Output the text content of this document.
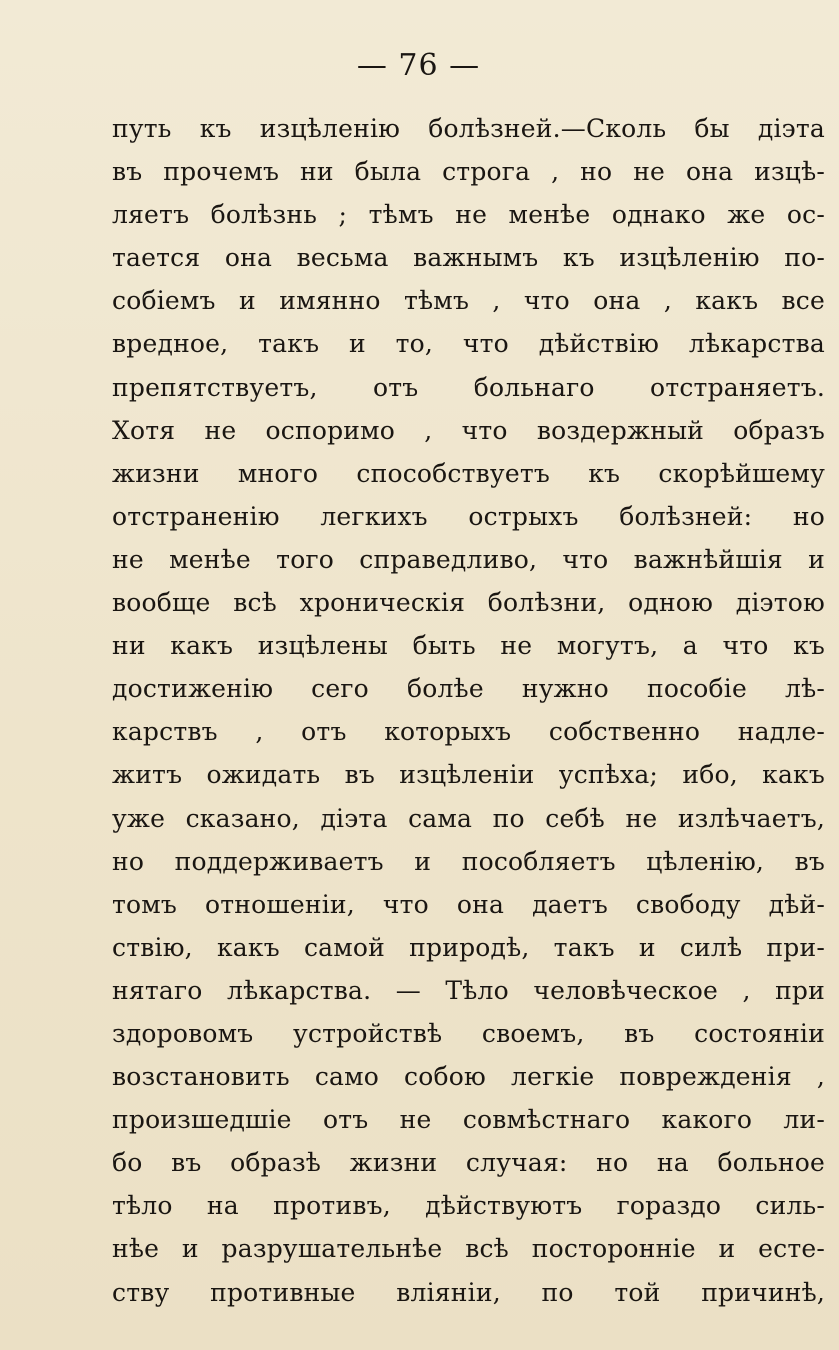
— 76 —
путь къ изцѣленію болѣзней.—Сколь бы діэта
въ прочемъ ни была строга , но не она изцѣ-
ляетъ болѣзнь ; тѣмъ не менѣе однако же ос-
тается она весьма важнымъ къ изцѣленію по-
собіемъ и имянно тѣмъ , что она , какъ все
вредное, такъ и то, что дѣйствію лѣкарства
препятствуетъ, отъ больнаго отстраняетъ.
Хотя не оспоримо , что воздержный образъ
жизни много способствуетъ къ скорѣйшему
отстраненію легкихъ острыхъ болѣзней: но
не менѣе того справедливо, что важнѣйшія и
вообще всѣ хроническія болѣзни, одною діэтою
ни какъ изцѣлены быть не могутъ, а что къ
достиженію сего болѣе нужно пособіе лѣ-
карствъ , отъ которыхъ собственно надле-
житъ ожидать въ изцѣленіи успѣха; ибо, какъ
уже сказано, діэта сама по себѣ не излѣчаетъ,
но поддерживаетъ и пособляетъ цѣленію, въ
томъ отношеніи, что она даетъ свободу дѣй-
ствію, какъ самой природѣ, такъ и силѣ при-
нятаго лѣкарства. — Тѣло человѣческое , при
здоровомъ устройствѣ своемъ, въ состояніи
возстановить само собою легкіе поврежденія ,
произшедшіе отъ не совмѣстнаго какого ли-
бо въ образѣ жизни случая: но на больное
тѣло на противъ, дѣйствуютъ гораздо силь-
нѣе и разрушательнѣе всѣ посторонніе и есте-
ству противные вліяніи, по той причинѣ,
